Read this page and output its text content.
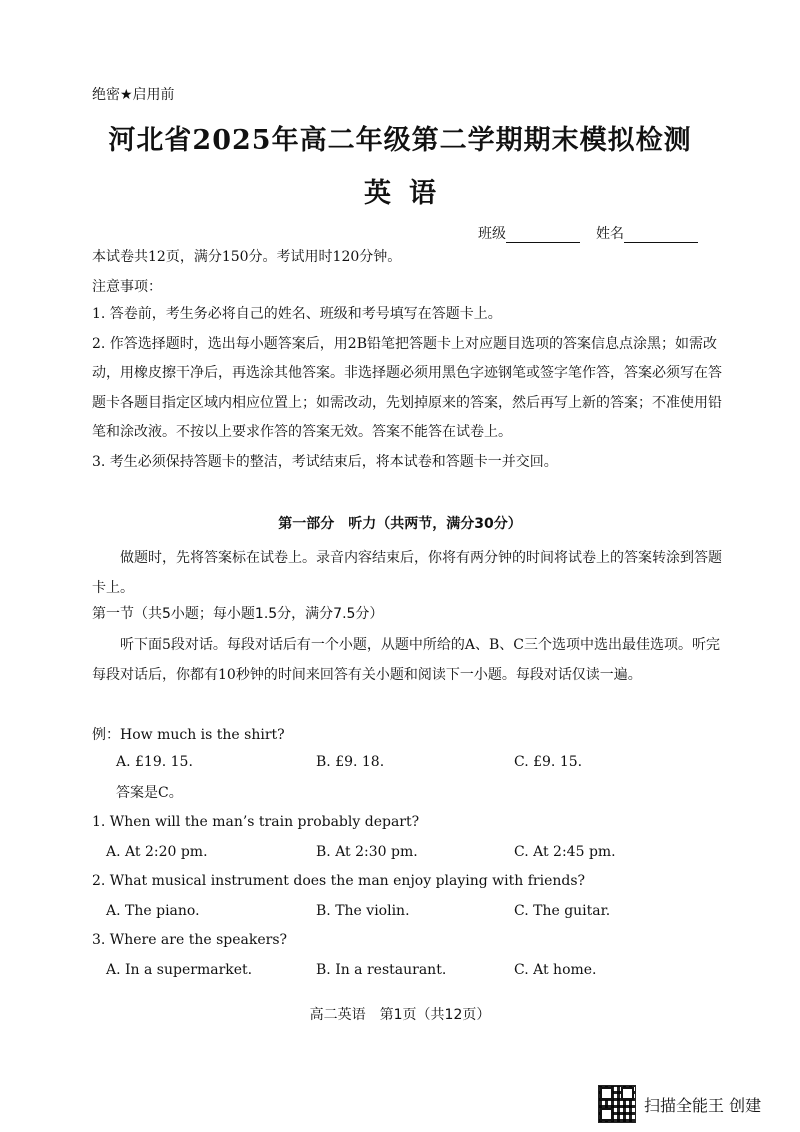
绝密★启用前
河北省2025年高二年级第二学期期末模拟检测
英语
班级	姓名
本试卷共12页，满分150分。考试用时120分钟。
注意事项：

1. 答卷前，考生务必将自己的姓名、班级和考号填写在答题卡上。

2. 作答选择题时，选出每小题答案后，用2B铅笔把答题卡上对应题目选项的答案信息点涂黑；如需改动，用橡皮擦干净后，再选涂其他答案。非选择题必须用黑色字迹钢笔或签字笔作答，答案必须写在答题卡各题目指定区域内相应位置上；如需改动，先划掉原来的答案，然后再写上新的答案；不准使用铅笔和涂改液。不按以上要求作答的答案无效。答案不能答在试卷上。

3. 考生必须保持答题卡的整洁，考试结束后，将本试卷和答题卡一并交回。

第一部分　听力（共两节，满分30分）
做题时，先将答案标在试卷上。录音内容结束后，你将有两分钟的时间将试卷上的答案转涂到答题卡上。
第一节（共5小题；每小题1.5分，满分7.5分）
听下面5段对话。每段对话后有一个小题，从题中所给的A、B、C三个选项中选出最佳选项。听完每段对话后，你都有10秒钟的时间来回答有关小题和阅读下一小题。每段对话仅读一遍。
例：How much is the shirt?
A. £19. 15.	B. £9. 18.	C. £9. 15.
答案是C。
1. When will the man’s train probably depart?
A. At 2:20 pm.	B. At 2:30 pm.	C. At 2:45 pm.
2. What musical instrument does the man enjoy playing with friends?
A. The piano.	B. The violin.	C. The guitar.
3. Where are the speakers?
A. In a supermarket.	B. In a restaurant.	C. At home.
高二英语　第1页（共12页）
扫描全能王 创建
